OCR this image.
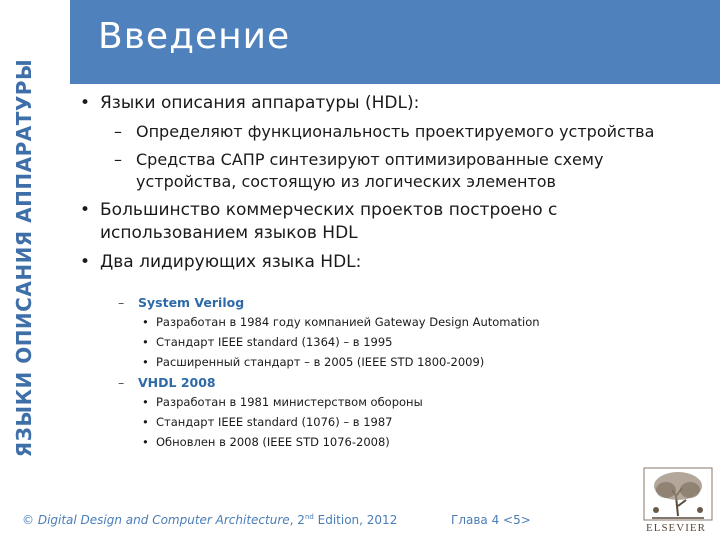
ЯЗЫКИ ОПИСАНИЯ АППАРАТУРЫ
Введение
• Языки описания аппаратуры (HDL):
– Определяют функциональность проектируемого устройства
– Средства САПР синтезируют оптимизированные схему устройства, состоящую из логических элементов
• Большинство коммерческих проектов построено с использованием языков HDL
• Два лидирующих языка HDL:
– System Verilog
• Разработан в 1984 году компанией Gateway Design Automation
• Стандарт IEEE standard (1364) – в 1995
• Расширенный стандарт – в 2005 (IEEE STD 1800-2009)
– VHDL 2008
• Разработан в 1981 министерством обороны
• Стандарт IEEE standard (1076) – в 1987
• Обновлен в 2008 (IEEE STD 1076-2008)
© Digital Design and Computer Architecture, 2nd Edition, 2012	Глава 4 <5>
ELSEVIER
